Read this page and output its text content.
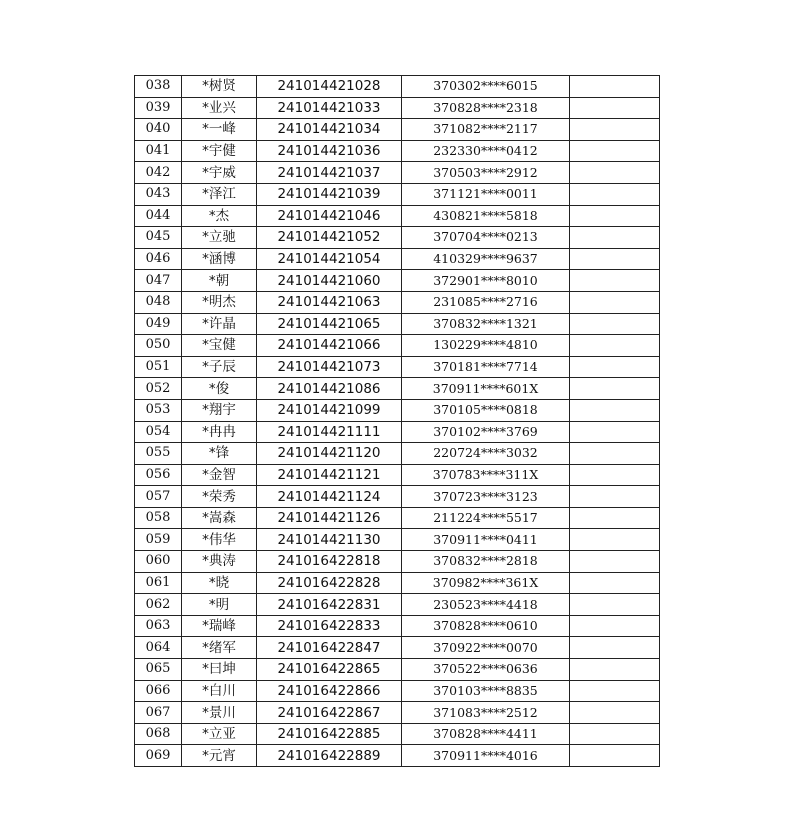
038	*树贤	241014421028	370302****6015	
039	*业兴	241014421033	370828****2318	
040	*一峰	241014421034	371082****2117	
041	*宇健	241014421036	232330****0412	
042	*宇威	241014421037	370503****2912	
043	*泽江	241014421039	371121****0011	
044	*杰	241014421046	430821****5818	
045	*立驰	241014421052	370704****0213	
046	*涵博	241014421054	410329****9637	
047	*朝	241014421060	372901****8010	
048	*明杰	241014421063	231085****2716	
049	*许晶	241014421065	370832****1321	
050	*宝健	241014421066	130229****4810	
051	*子辰	241014421073	370181****7714	
052	*俊	241014421086	370911****601X	
053	*翔宇	241014421099	370105****0818	
054	*冉冉	241014421111	370102****3769	
055	*锋	241014421120	220724****3032	
056	*金智	241014421121	370783****311X	
057	*荣秀	241014421124	370723****3123	
058	*嵩森	241014421126	211224****5517	
059	*伟华	241014421130	370911****0411	
060	*典涛	241016422818	370832****2818	
061	*晓	241016422828	370982****361X	
062	*明	241016422831	230523****4418	
063	*瑞峰	241016422833	370828****0610	
064	*绪军	241016422847	370922****0070	
065	*曰坤	241016422865	370522****0636	
066	*白川	241016422866	370103****8835	
067	*景川	241016422867	371083****2512	
068	*立亚	241016422885	370828****4411	
069	*元宵	241016422889	370911****4016	
